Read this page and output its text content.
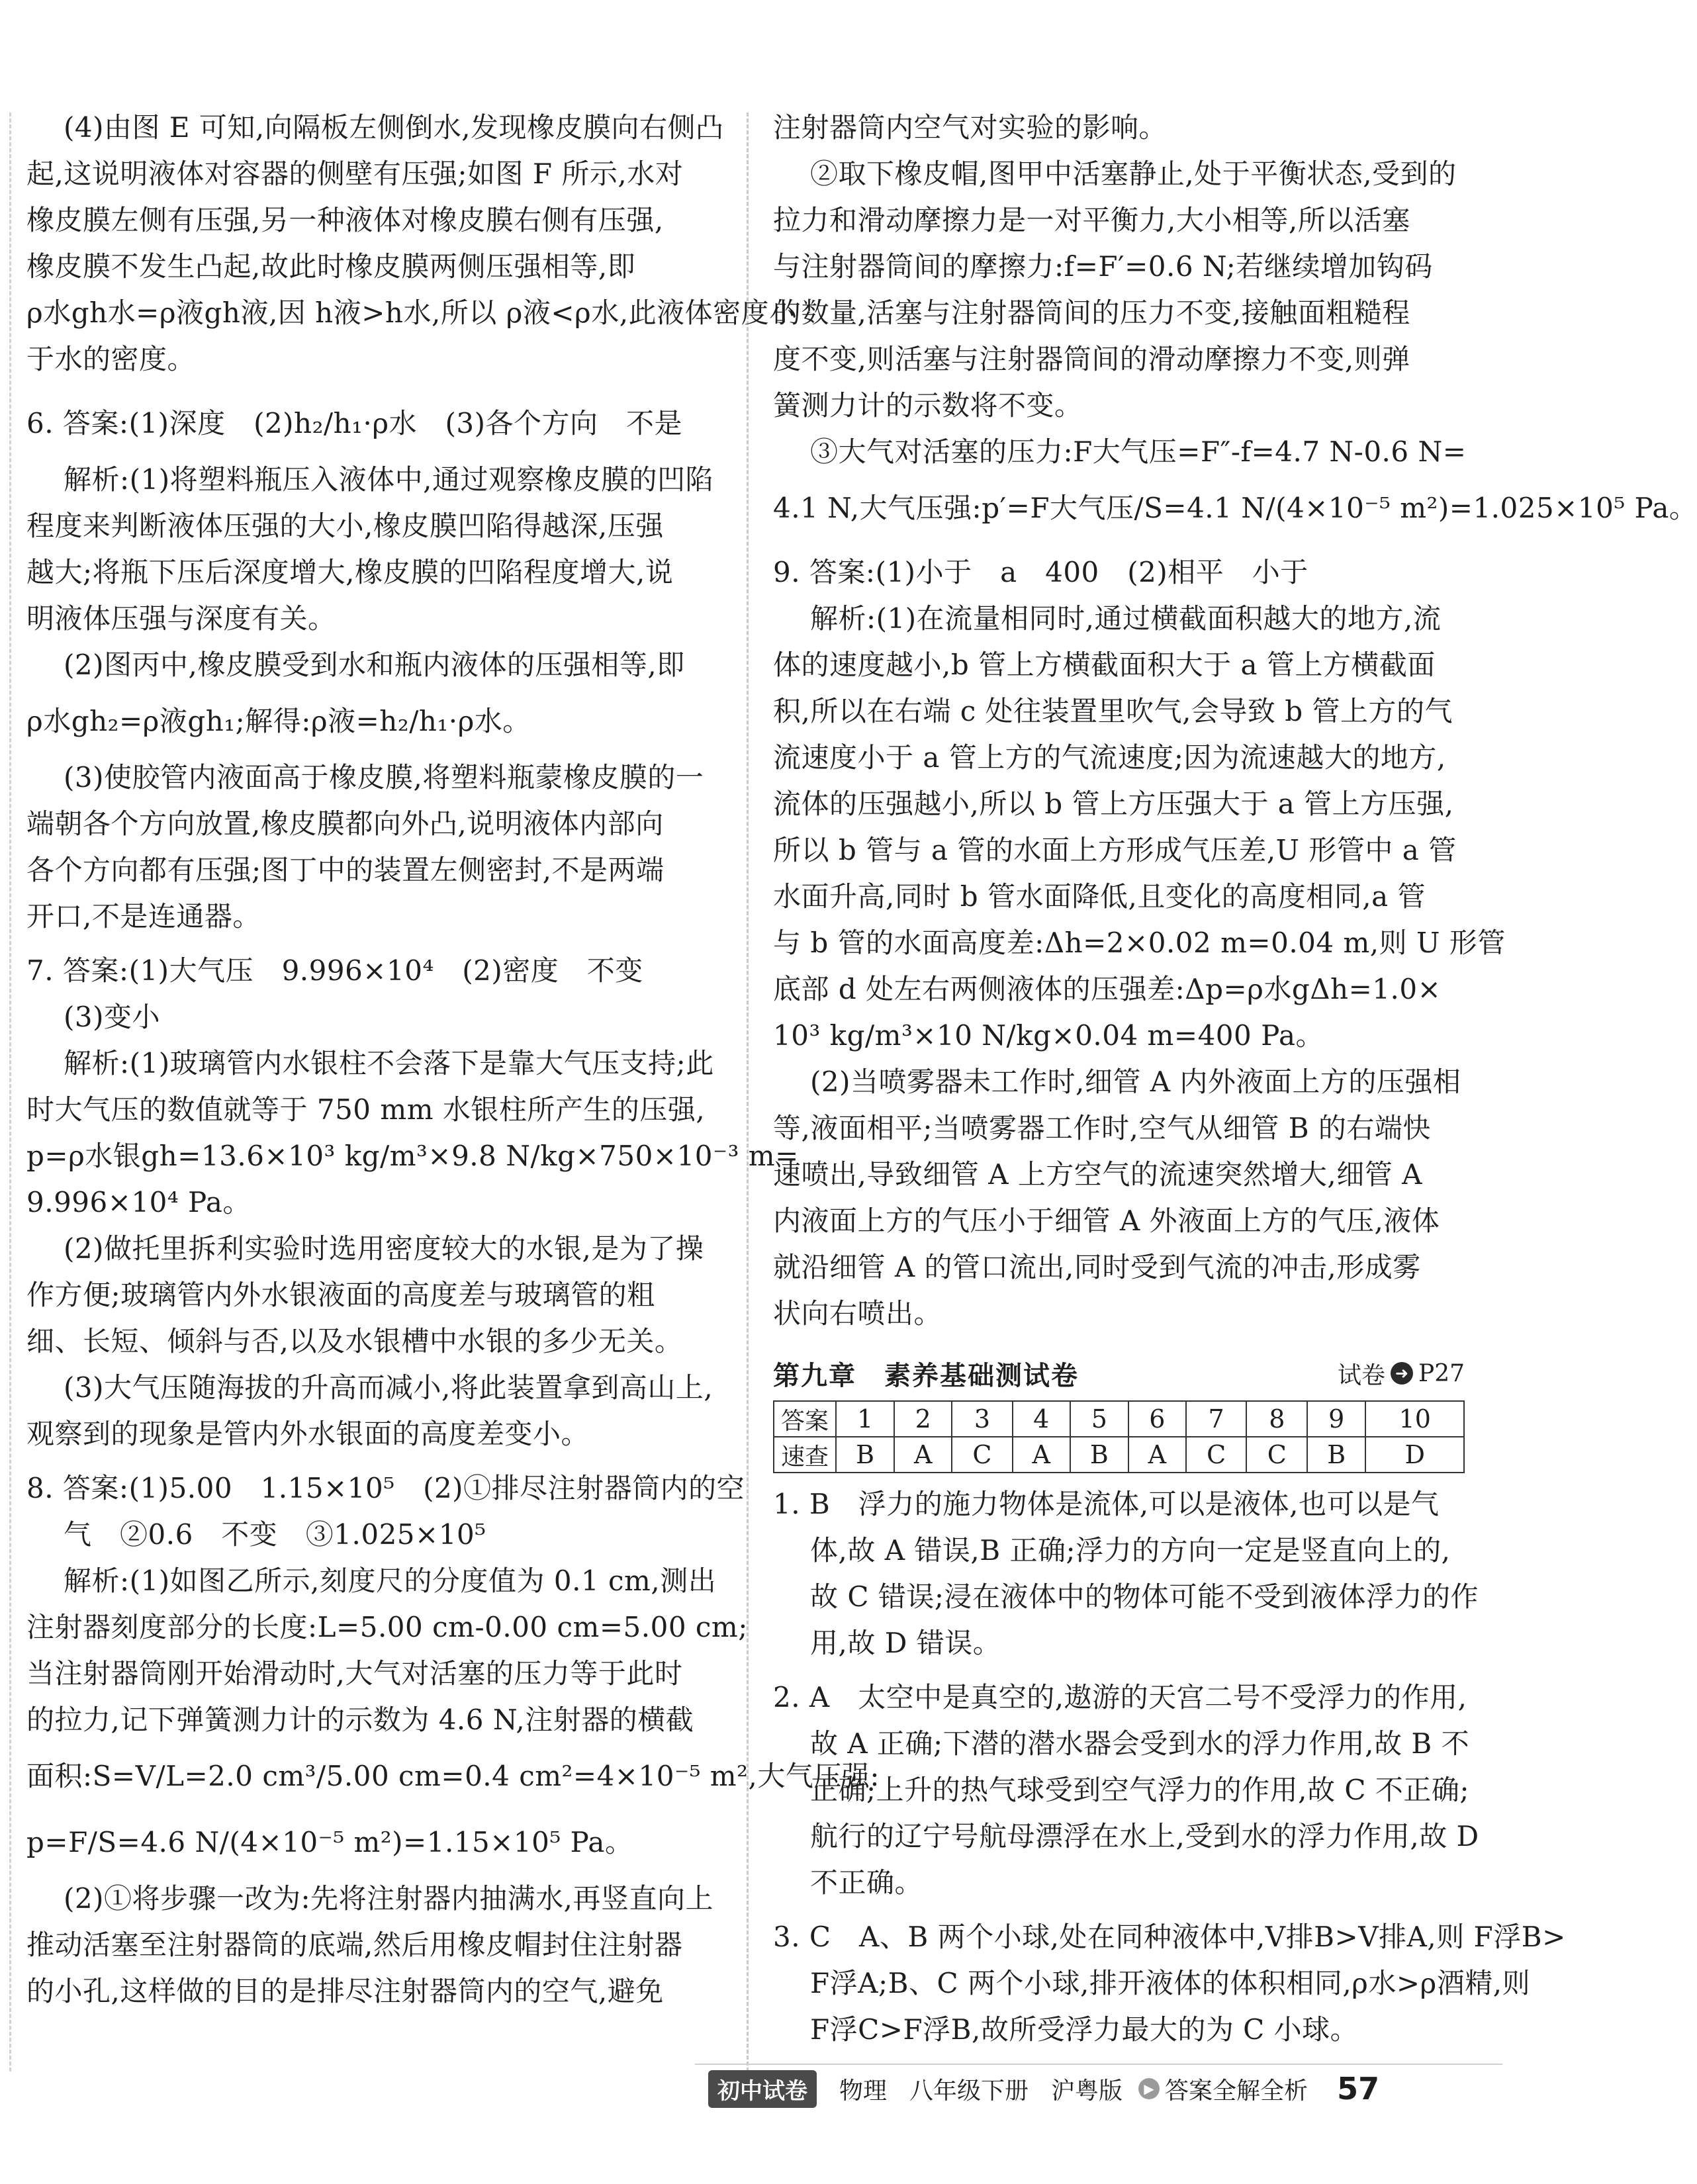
(4)由图 E 可知,向隔板左侧倒水,发现橡皮膜向右侧凸
起,这说明液体对容器的侧壁有压强;如图 F 所示,水对
橡皮膜左侧有压强,另一种液体对橡皮膜右侧有压强,
橡皮膜不发生凸起,故此时橡皮膜两侧压强相等,即
ρ水gh水=ρ液gh液,因 h液>h水,所以 ρ液<ρ水,此液体密度小
于水的密度。
6. 答案:(1)深度　(2)h₂/h₁·ρ水　(3)各个方向　不是
解析:(1)将塑料瓶压入液体中,通过观察橡皮膜的凹陷
程度来判断液体压强的大小,橡皮膜凹陷得越深,压强
越大;将瓶下压后深度增大,橡皮膜的凹陷程度增大,说
明液体压强与深度有关。
(2)图丙中,橡皮膜受到水和瓶内液体的压强相等,即
ρ水gh₂=ρ液gh₁;解得:ρ液=h₂/h₁·ρ水。
(3)使胶管内液面高于橡皮膜,将塑料瓶蒙橡皮膜的一
端朝各个方向放置,橡皮膜都向外凸,说明液体内部向
各个方向都有压强;图丁中的装置左侧密封,不是两端
开口,不是连通器。
7. 答案:(1)大气压　9.996×10⁴　(2)密度　不变
(3)变小
解析:(1)玻璃管内水银柱不会落下是靠大气压支持;此
时大气压的数值就等于 750 mm 水银柱所产生的压强,
p=ρ水银gh=13.6×10³ kg/m³×9.8 N/kg×750×10⁻³ m=
9.996×10⁴ Pa。
(2)做托里拆利实验时选用密度较大的水银,是为了操
作方便;玻璃管内外水银液面的高度差与玻璃管的粗
细、长短、倾斜与否,以及水银槽中水银的多少无关。
(3)大气压随海拔的升高而减小,将此装置拿到高山上,
观察到的现象是管内外水银面的高度差变小。
8. 答案:(1)5.00　1.15×10⁵　(2)①排尽注射器筒内的空
气　②0.6　不变　③1.025×10⁵
解析:(1)如图乙所示,刻度尺的分度值为 0.1 cm,测出
注射器刻度部分的长度:L=5.00 cm-0.00 cm=5.00 cm;
当注射器筒刚开始滑动时,大气对活塞的压力等于此时
的拉力,记下弹簧测力计的示数为 4.6 N,注射器的横截
面积:S=V/L=2.0 cm³/5.00 cm=0.4 cm²=4×10⁻⁵ m²,大气压强:
p=F/S=4.6 N/(4×10⁻⁵ m²)=1.15×10⁵ Pa。
(2)①将步骤一改为:先将注射器内抽满水,再竖直向上
推动活塞至注射器筒的底端,然后用橡皮帽封住注射器
的小孔,这样做的目的是排尽注射器筒内的空气,避免
注射器筒内空气对实验的影响。
②取下橡皮帽,图甲中活塞静止,处于平衡状态,受到的
拉力和滑动摩擦力是一对平衡力,大小相等,所以活塞
与注射器筒间的摩擦力:f=F′=0.6 N;若继续增加钩码
的数量,活塞与注射器筒间的压力不变,接触面粗糙程
度不变,则活塞与注射器筒间的滑动摩擦力不变,则弹
簧测力计的示数将不变。
③大气对活塞的压力:F大气压=F″-f=4.7 N-0.6 N=
4.1 N,大气压强:p′=F大气压/S=4.1 N/(4×10⁻⁵ m²)=1.025×10⁵ Pa。
9. 答案:(1)小于　a　400　(2)相平　小于
解析:(1)在流量相同时,通过横截面积越大的地方,流
体的速度越小,b 管上方横截面积大于 a 管上方横截面
积,所以在右端 c 处往装置里吹气,会导致 b 管上方的气
流速度小于 a 管上方的气流速度;因为流速越大的地方,
流体的压强越小,所以 b 管上方压强大于 a 管上方压强,
所以 b 管与 a 管的水面上方形成气压差,U 形管中 a 管
水面升高,同时 b 管水面降低,且变化的高度相同,a 管
与 b 管的水面高度差:Δh=2×0.02 m=0.04 m,则 U 形管
底部 d 处左右两侧液体的压强差:Δp=ρ水gΔh=1.0×
10³ kg/m³×10 N/kg×0.04 m=400 Pa。
(2)当喷雾器未工作时,细管 A 内外液面上方的压强相
等,液面相平;当喷雾器工作时,空气从细管 B 的右端快
速喷出,导致细管 A 上方空气的流速突然增大,细管 A
内液面上方的气压小于细管 A 外液面上方的气压,液体
就沿细管 A 的管口流出,同时受到气流的冲击,形成雾
状向右喷出。
第九章　素养基础测试卷	试卷 ➜ P27
答案	1	2	3	4	5	6	7	8	9	10
速查	B	A	C	A	B	A	C	C	B	D
1. B　浮力的施力物体是流体,可以是液体,也可以是气
体,故 A 错误,B 正确;浮力的方向一定是竖直向上的,
故 C 错误;浸在液体中的物体可能不受到液体浮力的作
用,故 D 错误。
2. A　太空中是真空的,遨游的天宫二号不受浮力的作用,
故 A 正确;下潜的潜水器会受到水的浮力作用,故 B 不
正确;上升的热气球受到空气浮力的作用,故 C 不正确;
航行的辽宁号航母漂浮在水上,受到水的浮力作用,故 D
不正确。
3. C　A、B 两个小球,处在同种液体中,V排B>V排A,则 F浮B>
F浮A;B、C 两个小球,排开液体的体积相同,ρ水>ρ酒精,则
F浮C>F浮B,故所受浮力最大的为 C 小球。
初中试卷	物理 八年级下册 沪粤版	▶ 答案全解全析 57
